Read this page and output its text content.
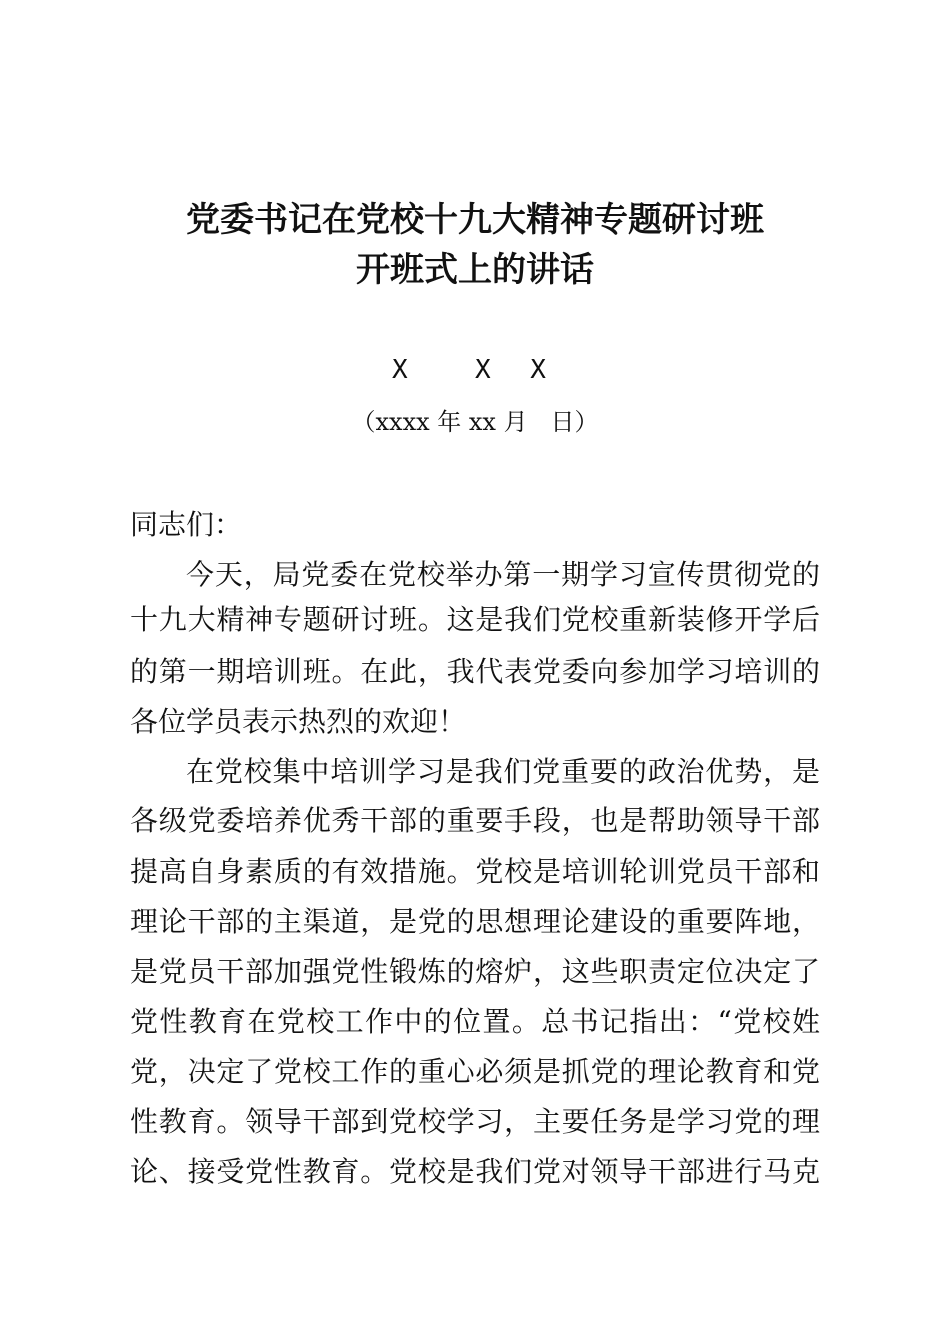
党委书记在党校十九大精神专题研讨班
开班式上的讲话
X  X X
（xxxx 年 xx 月   日）
同志们：
今天，局党委在党校举办第一期学习宣传贯彻党的
十九大精神专题研讨班。这是我们党校重新装修开学后
的第一期培训班。在此，我代表党委向参加学习培训的
各位学员表示热烈的欢迎！
在党校集中培训学习是我们党重要的政治优势，是
各级党委培养优秀干部的重要手段，也是帮助领导干部
提高自身素质的有效措施。党校是培训轮训党员干部和
理论干部的主渠道，是党的思想理论建设的重要阵地，
是党员干部加强党性锻炼的熔炉，这些职责定位决定了
党性教育在党校工作中的位置。总书记指出：“党校姓
党，决定了党校工作的重心必须是抓党的理论教育和党
性教育。领导干部到党校学习，主要任务是学习党的理
论、接受党性教育。党校是我们党对领导干部进行马克
